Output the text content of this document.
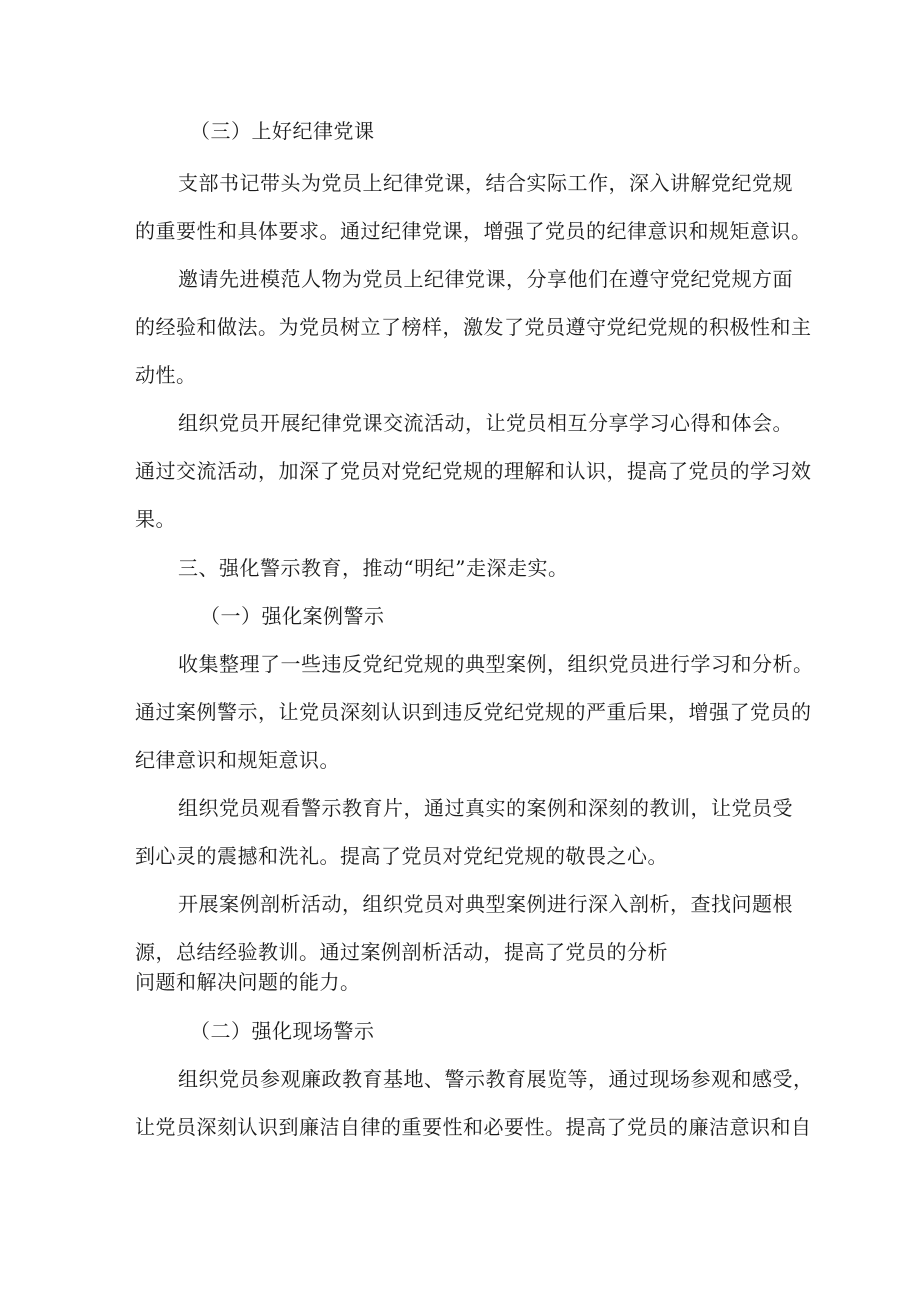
（三）上好纪律党课
支部书记带头为党员上纪律党课，结合实际工作，深入讲解党纪党规
的重要性和具体要求。通过纪律党课，增强了党员的纪律意识和规矩意识。
邀请先进模范人物为党员上纪律党课，分享他们在遵守党纪党规方面
的经验和做法。为党员树立了榜样，激发了党员遵守党纪党规的积极性和主
动性。
组织党员开展纪律党课交流活动，让党员相互分享学习心得和体会。
通过交流活动，加深了党员对党纪党规的理解和认识，提高了党员的学习效
果。
三、强化警示教育，推动“明纪”走深走实。
（一）强化案例警示
收集整理了一些违反党纪党规的典型案例，组织党员进行学习和分析。
通过案例警示，让党员深刻认识到违反党纪党规的严重后果，增强了党员的
纪律意识和规矩意识。
组织党员观看警示教育片，通过真实的案例和深刻的教训，让党员受
到心灵的震撼和洗礼。提高了党员对党纪党规的敬畏之心。
开展案例剖析活动，组织党员对典型案例进行深入剖析，查找问题根
源，总结经验教训。通过案例剖析活动，提高了党员的分析
问题和解决问题的能力。
（二）强化现场警示
组织党员参观廉政教育基地、警示教育展览等，通过现场参观和感受，
让党员深刻认识到廉洁自律的重要性和必要性。提高了党员的廉洁意识和自
